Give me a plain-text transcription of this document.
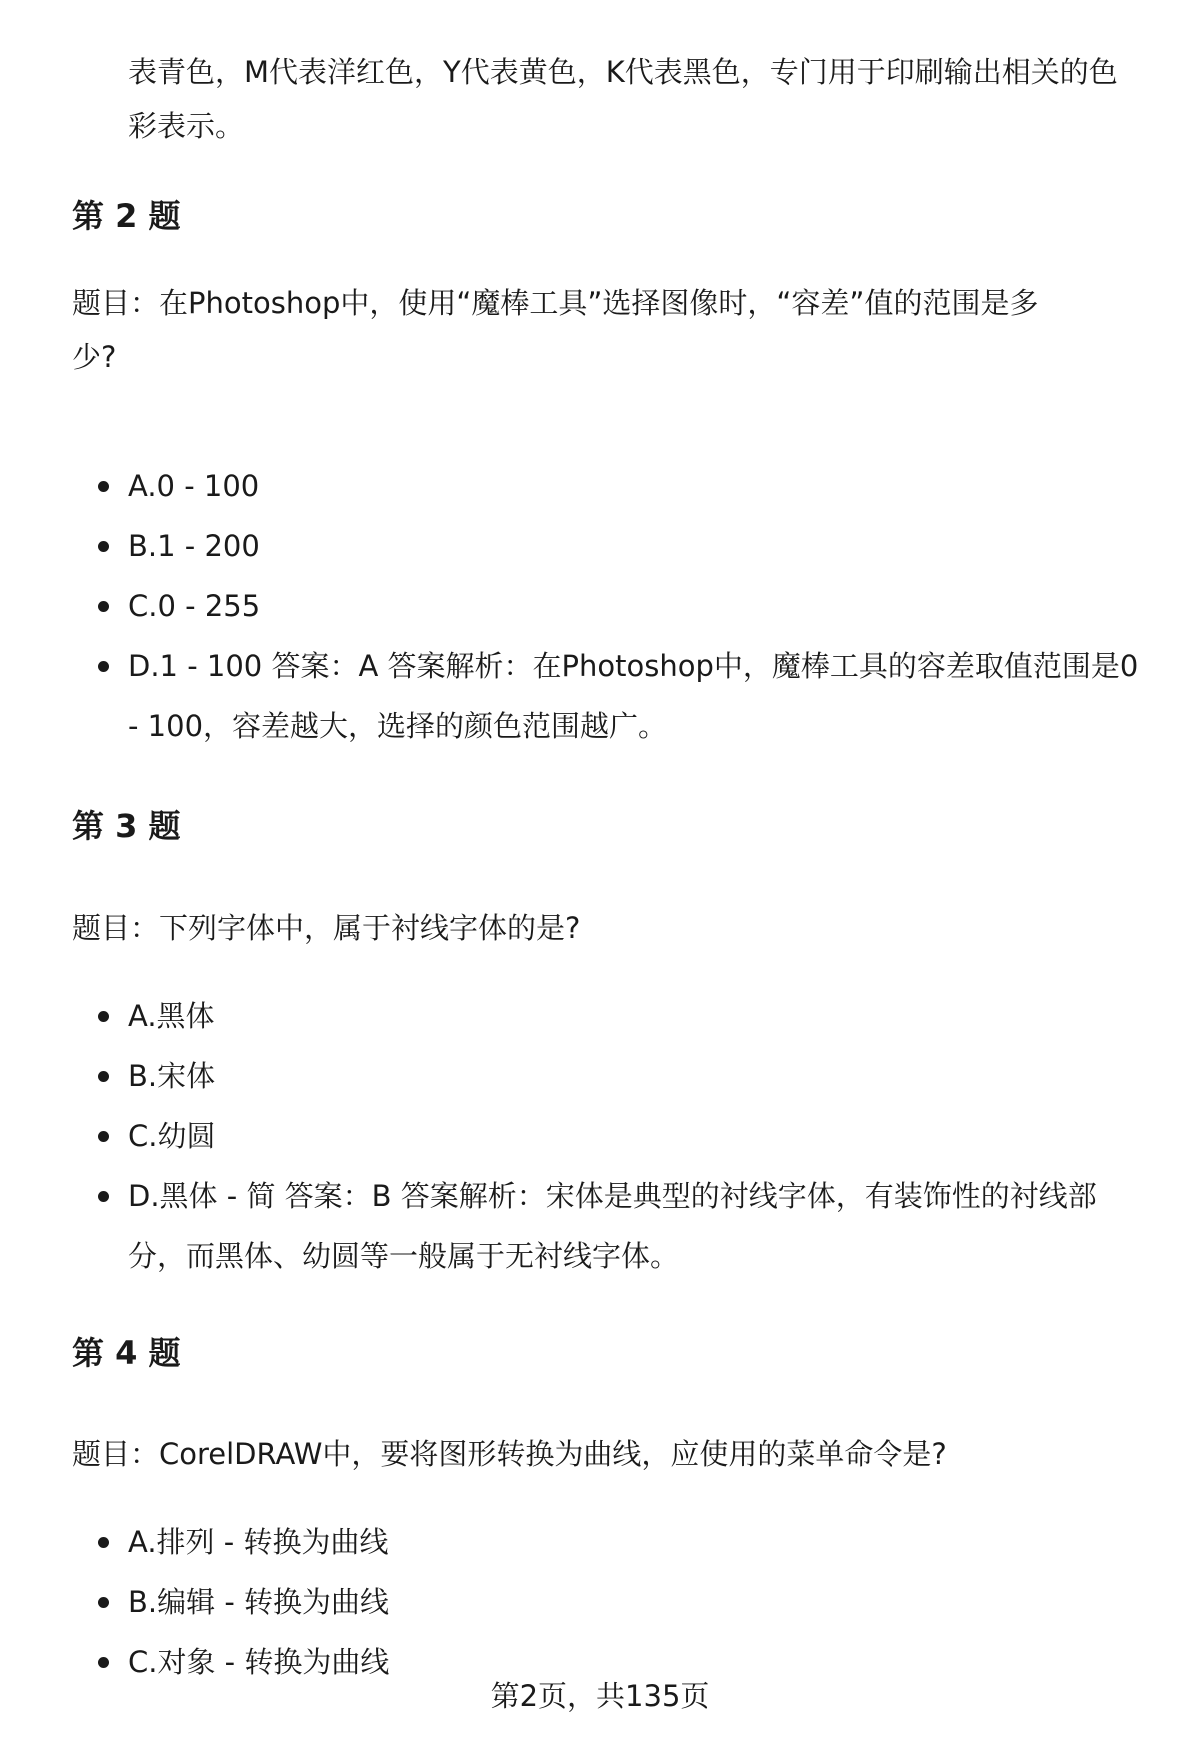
表青色，M代表洋红色，Y代表黄色，K代表黑色，专门用于印刷输出相关的色
彩表示。
第 2 题
题目：在Photoshop中，使用“魔棒工具”选择图像时，“容差”值的范围是多
少?
A.0 - 100
B.1 - 200
C.0 - 255
D.1 - 100 答案：A 答案解析：在Photoshop中，魔棒工具的容差取值范围是0
- 100，容差越大，选择的颜色范围越广。
第 3 题
题目：下列字体中，属于衬线字体的是?
A.黑体
B.宋体
C.幼圆
D.黑体 - 简 答案：B 答案解析：宋体是典型的衬线字体，有装饰性的衬线部
分，而黑体、幼圆等一般属于无衬线字体。
第 4 题
题目：CorelDRAW中，要将图形转换为曲线，应使用的菜单命令是?
A.排列 - 转换为曲线
B.编辑 - 转换为曲线
C.对象 - 转换为曲线
第2页，共135页
